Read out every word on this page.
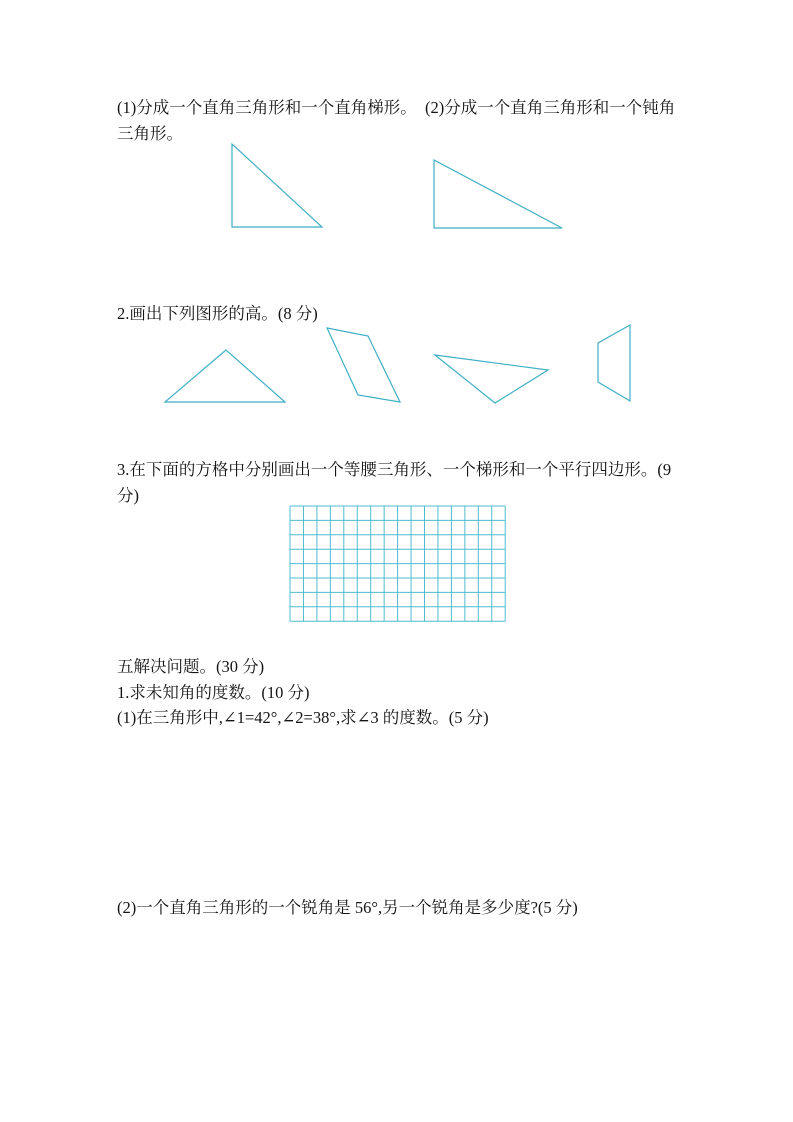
(1)分成一个直角三角形和一个直角梯形。　(2)分成一个直角三角形和一个钝角
三角形。
2.画出下列图形的高。(8 分)
3.在下面的方格中分别画出一个等腰三角形、一个梯形和一个平行四边形。(9
分)
五解决问题。(30 分)
1.求未知角的度数。(10 分)
(1)在三角形中,∠1=42°,∠2=38°,求∠3 的度数。(5 分)
(2)一个直角三角形的一个锐角是 56°,另一个锐角是多少度?(5 分)
